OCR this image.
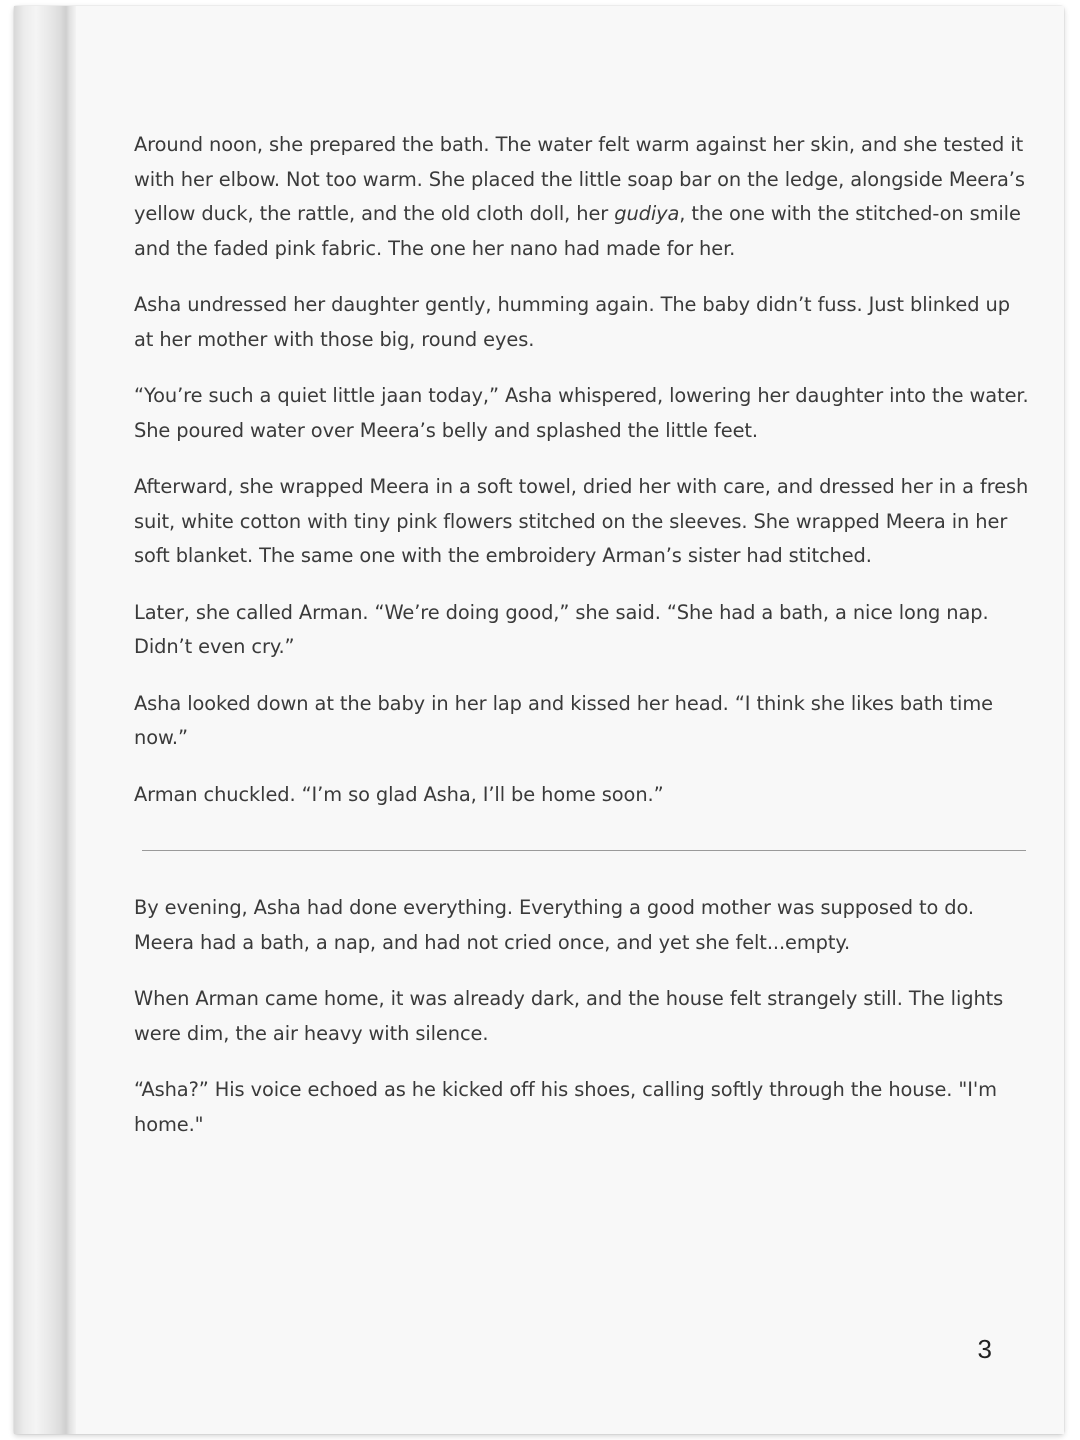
Around noon, she prepared the bath. The water felt warm against her skin, and she tested it with her elbow. Not too warm. She placed the little soap bar on the ledge, alongside Meera’s yellow duck, the rattle, and the old cloth doll, her gudiya, the one with the stitched-on smile and the faded pink fabric. The one her nano had made for her.

Asha undressed her daughter gently, humming again. The baby didn’t fuss. Just blinked up at her mother with those big, round eyes.

“You’re such a quiet little jaan today,” Asha whispered, lowering her daughter into the water. She poured water over Meera’s belly and splashed the little feet.

Afterward, she wrapped Meera in a soft towel, dried her with care, and dressed her in a fresh suit, white cotton with tiny pink flowers stitched on the sleeves. She wrapped Meera in her soft blanket. The same one with the embroidery Arman’s sister had stitched.

Later, she called Arman. “We’re doing good,” she said. “She had a bath, a nice long nap. Didn’t even cry.”

Asha looked down at the baby in her lap and kissed her head. “I think she likes bath time now.”

Arman chuckled. “I’m so glad Asha, I’ll be home soon.”

By evening, Asha had done everything. Everything a good mother was supposed to do. Meera had a bath, a nap, and had not cried once, and yet she felt...empty.

When Arman came home, it was already dark, and the house felt strangely still. The lights were dim, the air heavy with silence.

“Asha?” His voice echoed as he kicked off his shoes, calling softly through the house. "I'm home."

3
